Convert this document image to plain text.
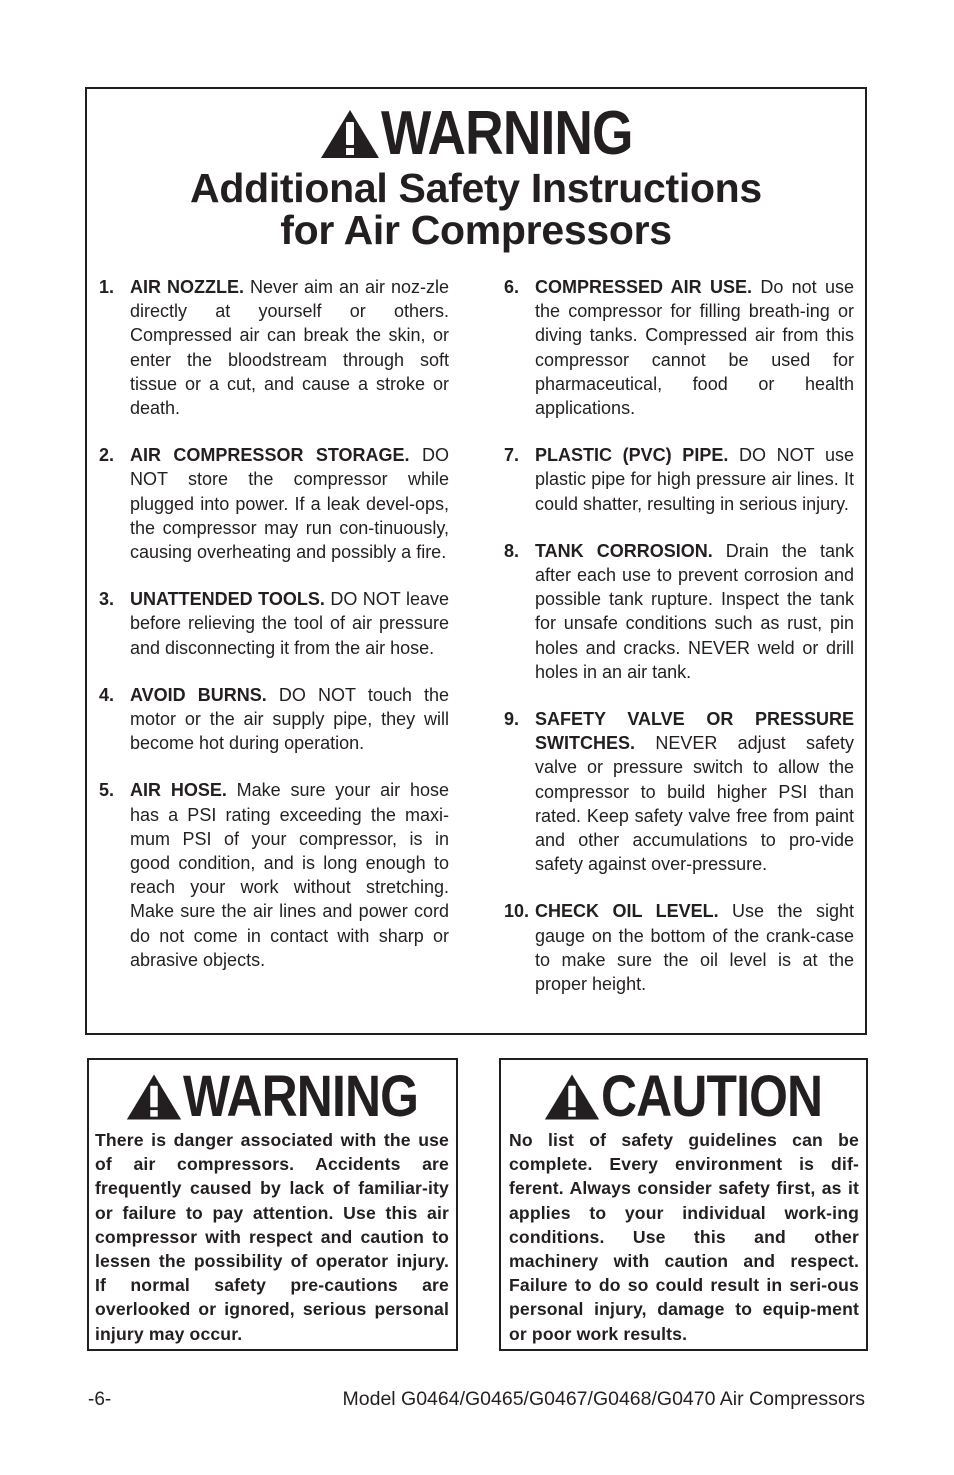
WARNING
Additional Safety Instructions
for Air Compressors
1. AIR NOZZLE. Never aim an air noz-zle directly at yourself or others. Compressed air can break the skin, or enter the bloodstream through soft tissue or a cut, and cause a stroke or death.
2. AIR COMPRESSOR STORAGE. DO NOT store the compressor while plugged into power. If a leak devel-ops, the compressor may run con-tinuously, causing overheating and possibly a fire.
3. UNATTENDED TOOLS. DO NOT leave before relieving the tool of air pressure and disconnecting it from the air hose.
4. AVOID BURNS. DO NOT touch the motor or the air supply pipe, they will become hot during operation.
5. AIR HOSE. Make sure your air hose has a PSI rating exceeding the maxi-mum PSI of your compressor, is in good condition, and is long enough to reach your work without stretching. Make sure the air lines and power cord do not come in contact with sharp or abrasive objects.
6. COMPRESSED AIR USE. Do not use the compressor for filling breath-ing or diving tanks. Compressed air from this compressor cannot be used for pharmaceutical, food or health applications.
7. PLASTIC (PVC) PIPE. DO NOT use plastic pipe for high pressure air lines. It could shatter, resulting in serious injury.
8. TANK CORROSION. Drain the tank after each use to prevent corrosion and possible tank rupture. Inspect the tank for unsafe conditions such as rust, pin holes and cracks. NEVER weld or drill holes in an air tank.
9. SAFETY VALVE OR PRESSURE SWITCHES. NEVER adjust safety valve or pressure switch to allow the compressor to build higher PSI than rated. Keep safety valve free from paint and other accumulations to pro-vide safety against over-pressure.
10. CHECK OIL LEVEL. Use the sight gauge on the bottom of the crank-case to make sure the oil level is at the proper height.
WARNING
There is danger associated with the use of air compressors. Accidents are frequently caused by lack of familiar-ity or failure to pay attention. Use this air compressor with respect and caution to lessen the possibility of operator injury. If normal safety pre-cautions are overlooked or ignored, serious personal injury may occur.
CAUTION
No list of safety guidelines can be complete. Every environment is dif-ferent. Always consider safety first, as it applies to your individual work-ing conditions. Use this and other machinery with caution and respect. Failure to do so could result in seri-ous personal injury, damage to equip-ment or poor work results.
-6-	Model G0464/G0465/G0467/G0468/G0470 Air Compressors
